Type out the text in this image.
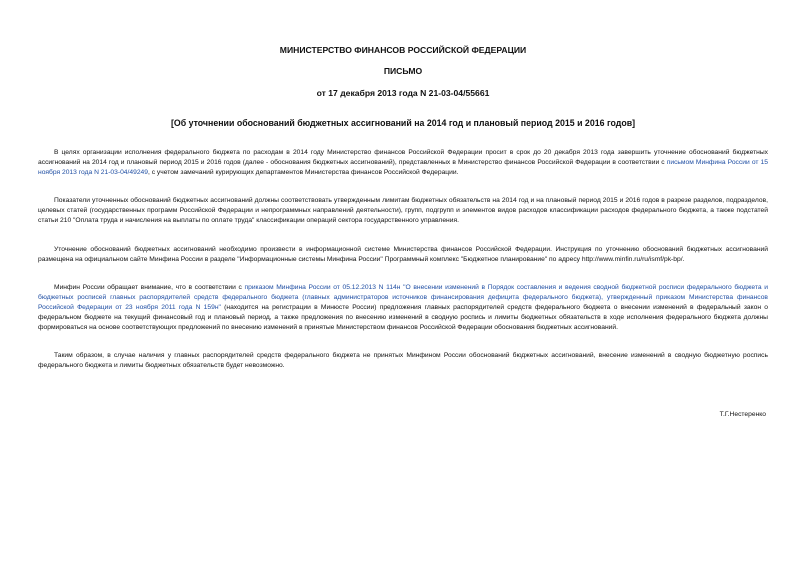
МИНИСТЕРСТВО ФИНАНСОВ РОССИЙСКОЙ ФЕДЕРАЦИИ
ПИСЬМО
от 17 декабря 2013 года N 21-03-04/55661
[Об уточнении обоснований бюджетных ассигнований на 2014 год и плановый период 2015 и 2016 годов]

В целях организации исполнения федерального бюджета по расходам в 2014 году Министерство финансов Российской Федерации просит в срок до 20 декабря 2013 года завершить уточнение обоснований бюджетных ассигнований на 2014 год и плановый период 2015 и 2016 годов (далее - обоснования бюджетных ассигнований), представленных в Министерство финансов Российской Федерации в соответствии с письмом Минфина России от 15 ноября 2013 года N 21-03-04/49249, с учетом замечаний курирующих департаментов Министерства финансов Российской Федерации.

Показатели уточненных обоснований бюджетных ассигнований должны соответствовать утвержденным лимитам бюджетных обязательств на 2014 год и на плановый период 2015 и 2016 годов в разрезе разделов, подразделов, целевых статей (государственных программ Российской Федерации и непрограммных направлений деятельности), групп, подгрупп и элементов видов расходов классификации расходов федерального бюджета, а также подстатей статьи 210 "Оплата труда и начисления на выплаты по оплате труда" классификации операций сектора государственного управления.

Уточнение обоснований бюджетных ассигнований необходимо произвести в информационной системе Министерства финансов Российской Федерации. Инструкция по уточнению обоснований бюджетных ассигнований размещена на официальном сайте Минфина России в разделе "Информационные системы Минфина России" Программный комплекс "Бюджетное планирование" по адресу http://www.minfin.ru/ru/ismf/pk-bp/.

Минфин России обращает внимание, что в соответствии с приказом Минфина России от 05.12.2013 N 114н "О внесении изменений в Порядок составления и ведения сводной бюджетной росписи федерального бюджета и бюджетных росписей главных распорядителей средств федерального бюджета (главных администраторов источников финансирования дефицита федерального бюджета), утвержденный приказом Министерства финансов Российской Федерации от 23 ноября 2011 года N 159н" (находится на регистрации в Минюсте России) предложения главных распорядителей средств федерального бюджета о внесении изменений в федеральный закон о федеральном бюджете на текущий финансовый год и плановый период, а также предложения по внесению изменений в сводную роспись и лимиты бюджетных обязательств в ходе исполнения федерального бюджета должны формироваться на основе соответствующих предложений по внесению изменений в принятые Министерством финансов Российской Федерации обоснования бюджетных ассигнований.

Таким образом, в случае наличия у главных распорядителей средств федерального бюджета не принятых Минфином России обоснований бюджетных ассигнований, внесение изменений в сводную бюджетную роспись федерального бюджета и лимиты бюджетных обязательств будет невозможно.

Т.Г.Нестеренко
